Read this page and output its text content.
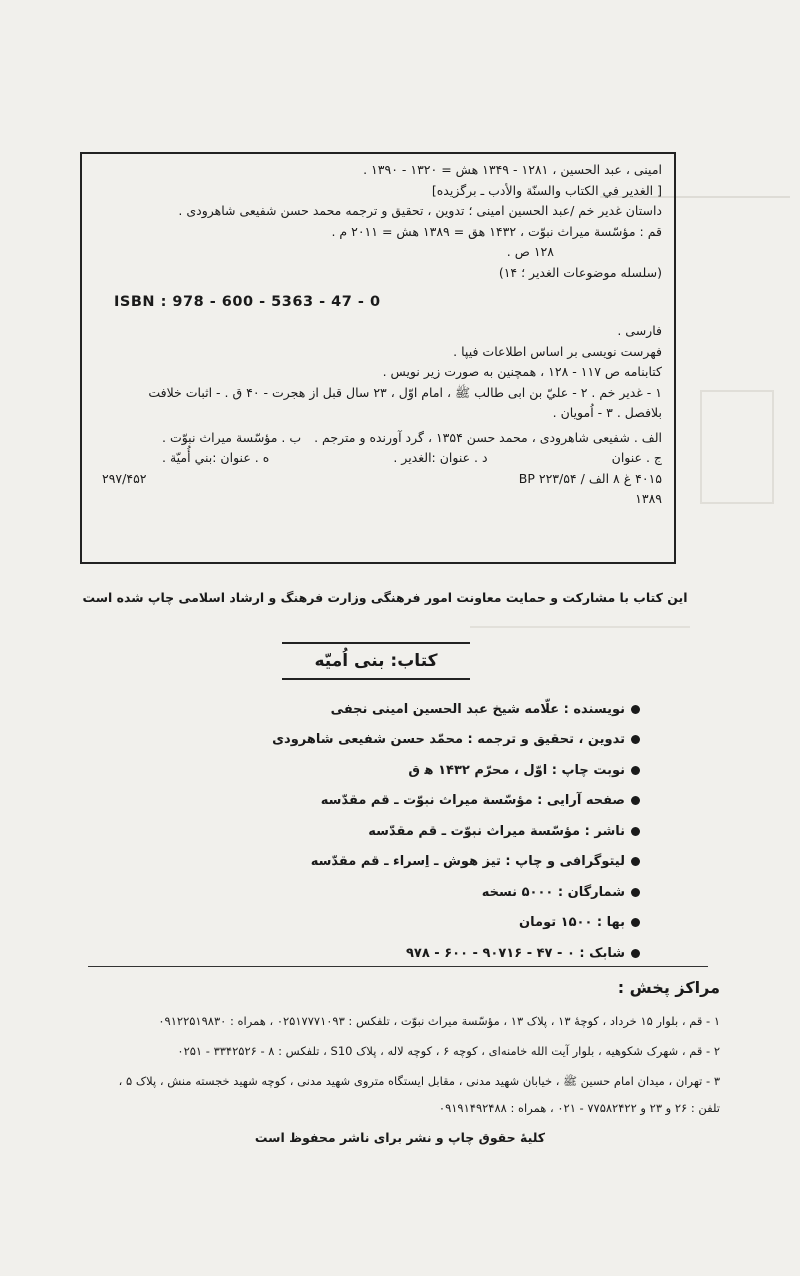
امینی ، عبد الحسین ، ۱۲۸۱ - ۱۳۴۹ هش = ۱۳۲۰ - ۱۳۹۰ .
[ الغدیر في الکتاب والسنّة والأدب ـ برگزیده]
داستان غدیر خم /عبد الحسین امینی ؛ تدوین ، تحقیق و ترجمه محمد حسن شفیعی شاهرودی .
قم : مؤسّسة میراث نبوّت ، ۱۴۳۲ هق = ۱۳۸۹ هش = ۲۰۱۱ م .
۱۲۸ ص .
(سلسله موضوعات الغدیر ؛ ۱۴)
ISBN : 978 - 600 - 5363 - 47 - 0
فارسی .
فهرست نویسی بر اساس اطلاعات فیپا .
کتابنامه ص ۱۱۷ - ۱۲۸ ، همچنین به صورت زیر نویس .
۱ - غدیر خم . ۲ - عليّ بن ابی طالب ﷺ ، امام اوّل ، ۲۳ سال قبل از هجرت - ۴۰ ق . - اثبات خلافت
بلافصل . ۳ - اُمویان .
الف . شفیعی شاهرودی ، محمد حسن ۱۳۵۴ ، گرد آورنده و مترجم .
ب . مؤسّسة میراث نبوّت .
ج . عنوان
د . عنوان :الغدیر .
ه . عنوان :بني أُميّة .
۴۰۱۵ غ ۸ الف / BP ۲۲۳/۵۴
۲۹۷/۴۵۲
۱۳۸۹
این کتاب با مشارکت و حمایت معاونت امور فرهنگی وزارت فرهنگ و ارشاد اسلامی چاپ شده است
کتاب: بنی اُمیّه
نویسنده : علّامه شیخ عبد الحسین امینی نجفی
تدوین ، تحقیق و ترجمه : محمّد حسن شفیعی شاهرودی
نوبت چاپ : اوّل ، محرّم ۱۴۳۲ ه‍ ق
صفحه آرایی : مؤسّسة میراث نبوّت ـ قم مقدّسه
ناشر : مؤسّسة میراث نبوّت ـ قم مقدّسه
لیتوگرافی و چاپ : تیز هوش ـ اِسراء ـ قم مقدّسه
شمارگان : ۵۰۰۰ نسخه
بها : ۱۵۰۰ تومان
شابک : ۰ - ۴۷ - ۹۰۷۱۶ - ۶۰۰ - ۹۷۸
مراکز پخش :
۱ - قم ، بلوار ۱۵ خرداد ، کوچهٔ ۱۳ ، پلاک ۱۳ ، مؤسّسة میراث نبوّت ، تلفکس : ۰۲۵۱۷۷۷۱۰۹۳ ، همراه : ۰۹۱۲۲۵۱۹۸۳۰
۲ - قم ، شهرک شکوهیه ، بلوار آیت الله خامنه‌ای ، کوچه ۶ ، کوچه لاله ، پلاک S10 ، تلفکس : ۸ - ۳۳۴۲۵۲۶ - ۰۲۵۱
۳ - تهران ، میدان امام حسین ﷺ ، خیابان شهید مدنی ، مقابل ایستگاه متروی شهید مدنی ، کوچه شهید خجسته منش ، پلاک ۵ ،
تلفن : ۲۶ و ۲۳ و ۷۷۵۸۲۴۲۲ - ۰۲۱ ، همراه : ۰۹۱۹۱۴۹۲۴۸۸
کلیهٔ حقوق چاپ و نشر برای ناشر محفوظ است
